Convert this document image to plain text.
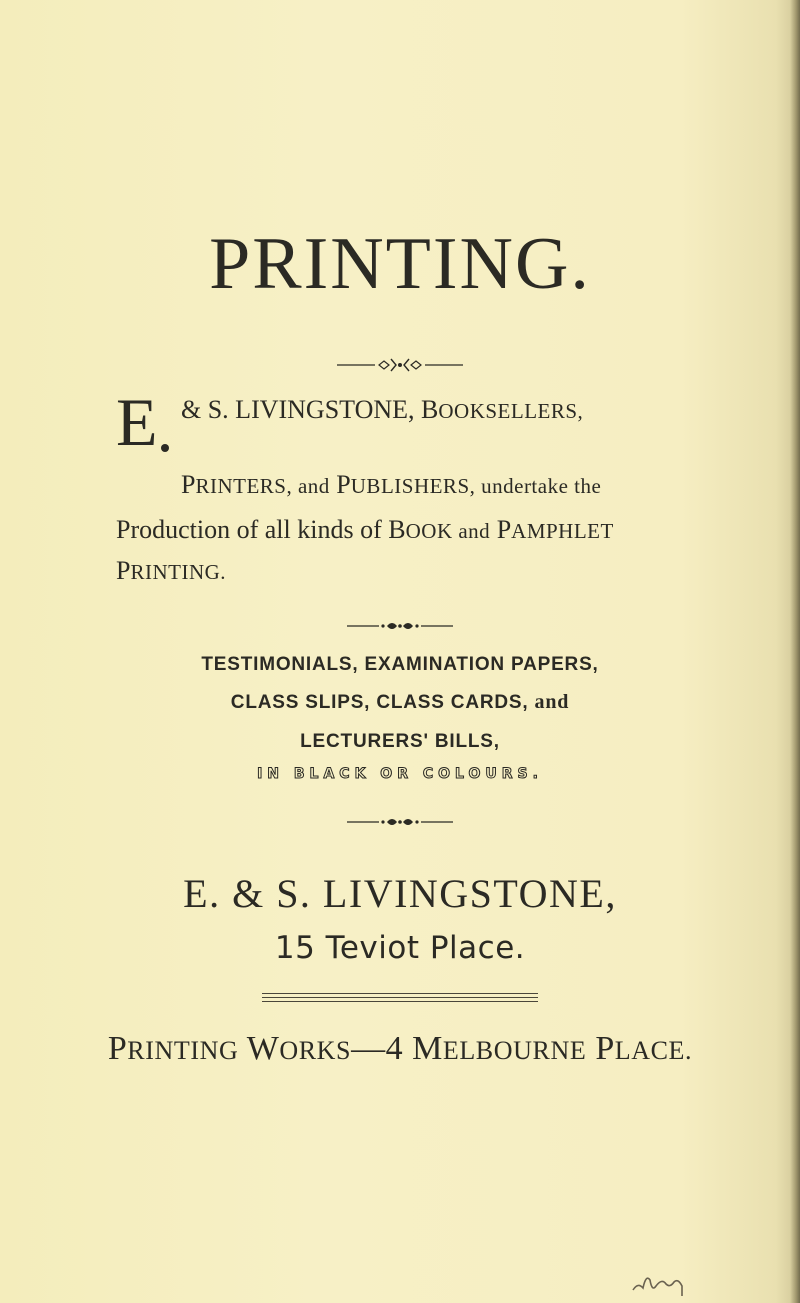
PRINTING.
E & S. LIVINGSTONE, BOOKSELLERS,
PRINTERS, and PUBLISHERS, undertake the
Production of all kinds of BOOK and PAMPHLET
PRINTING.
TESTIMONIALS, EXAMINATION PAPERS,
CLASS SLIPS, CLASS CARDS, and
LECTURERS' BILLS,
IN BLACK OR COLOURS.
E. & S. LIVINGSTONE,
15 Teviot Place.
PRINTING WORKS—4 MELBOURNE PLACE.
